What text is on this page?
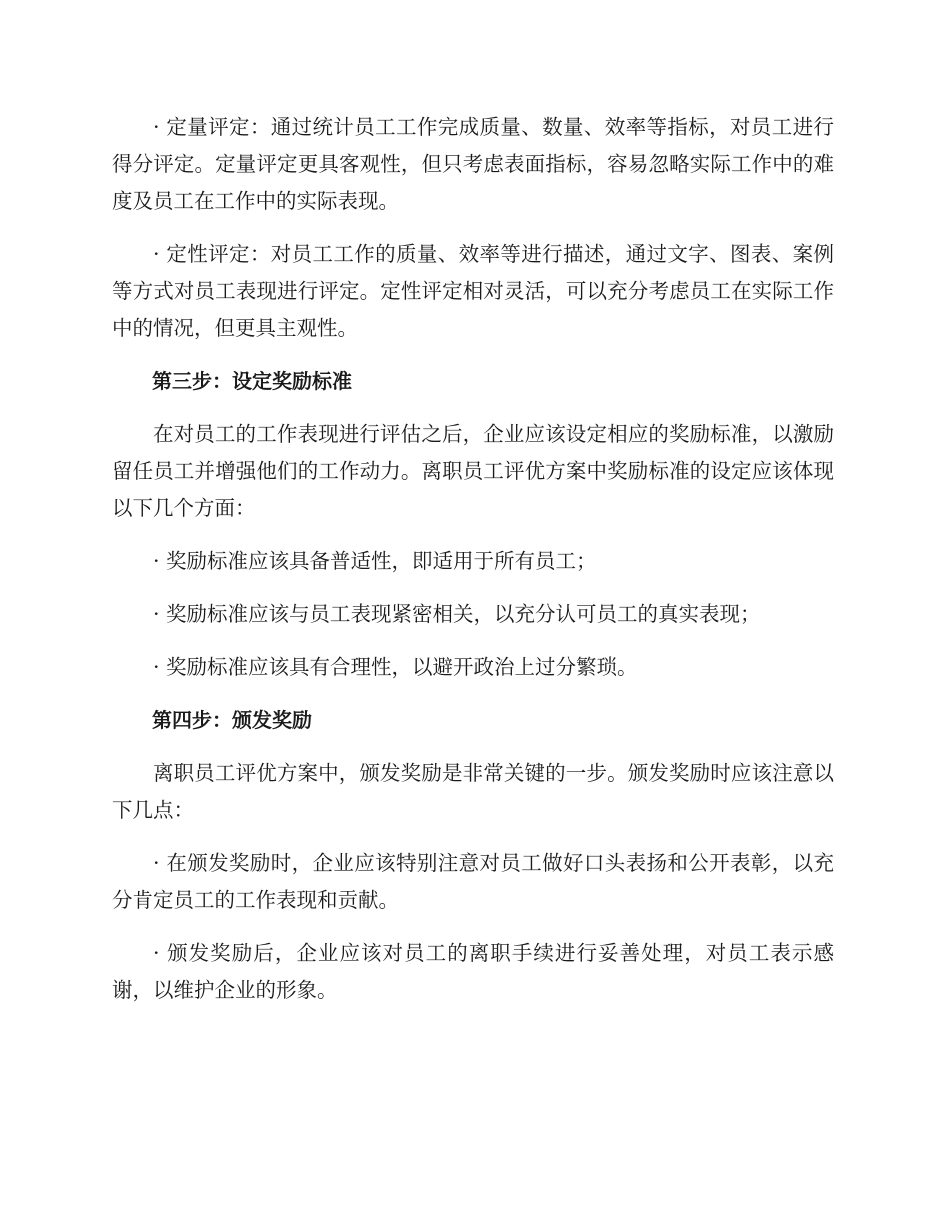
· 定量评定：通过统计员工工作完成质量、数量、效率等指标，对员工进行得分评定。定量评定更具客观性，但只考虑表面指标，容易忽略实际工作中的难度及员工在工作中的实际表现。

· 定性评定：对员工工作的质量、效率等进行描述，通过文字、图表、案例等方式对员工表现进行评定。定性评定相对灵活，可以充分考虑员工在实际工作中的情况，但更具主观性。

第三步：设定奖励标准

在对员工的工作表现进行评估之后，企业应该设定相应的奖励标准，以激励留任员工并增强他们的工作动力。离职员工评优方案中奖励标准的设定应该体现以下几个方面：

· 奖励标准应该具备普适性，即适用于所有员工；

· 奖励标准应该与员工表现紧密相关，以充分认可员工的真实表现；

· 奖励标准应该具有合理性，以避开政治上过分繁琐。

第四步：颁发奖励

离职员工评优方案中，颁发奖励是非常关键的一步。颁发奖励时应该注意以下几点：

· 在颁发奖励时，企业应该特别注意对员工做好口头表扬和公开表彰，以充分肯定员工的工作表现和贡献。

· 颁发奖励后，企业应该对员工的离职手续进行妥善处理，对员工表示感谢，以维护企业的形象。
